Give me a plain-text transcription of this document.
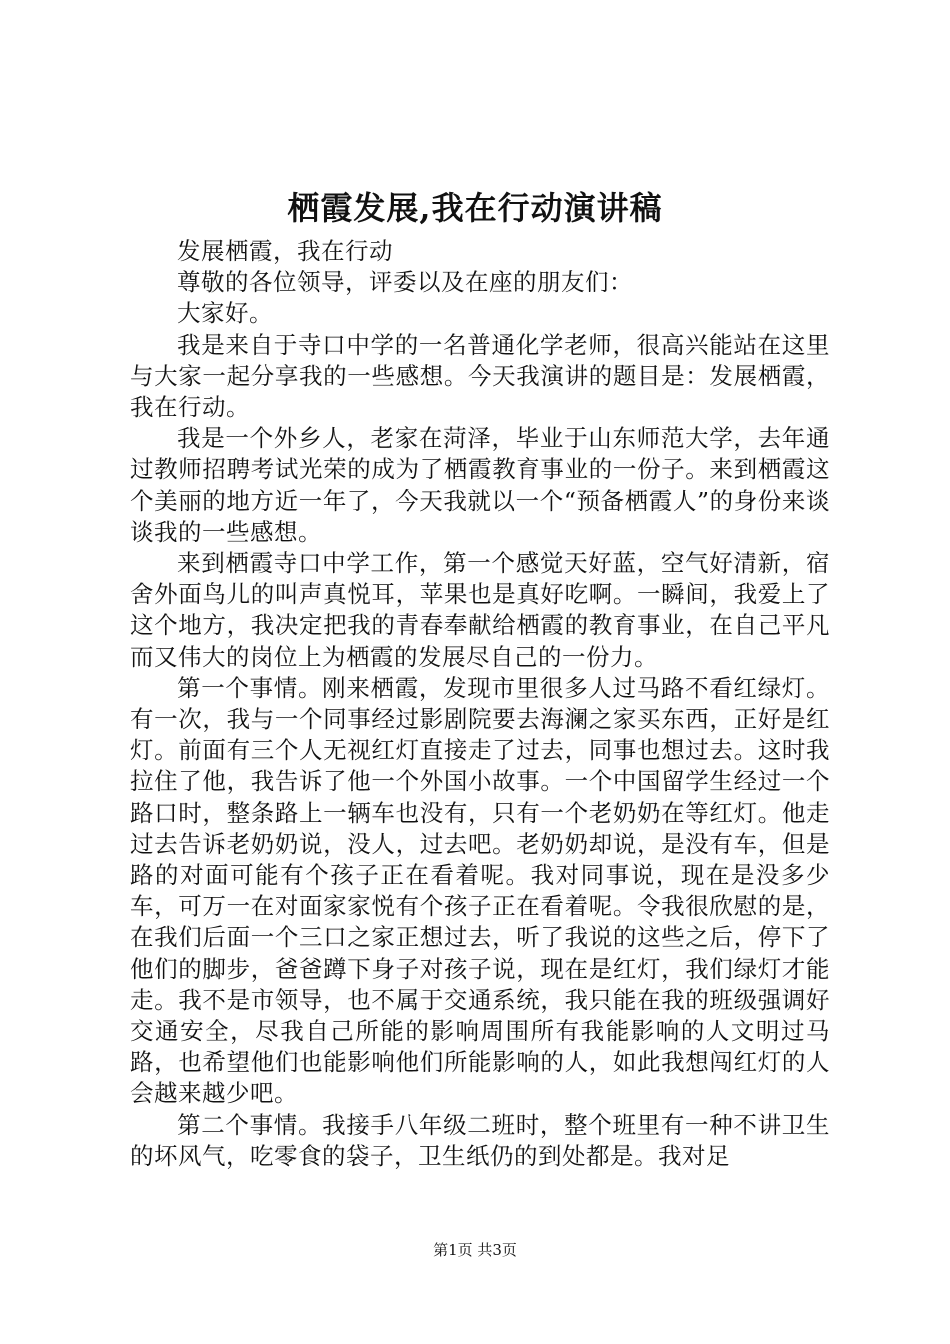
栖霞发展,我在行动演讲稿

发展栖霞，我在行动

尊敬的各位领导，评委以及在座的朋友们：

大家好。

我是来自于寺口中学的一名普通化学老师，很高兴能站在这里与大家一起分享我的一些感想。今天我演讲的题目是：发展栖霞，我在行动。

我是一个外乡人，老家在菏泽，毕业于山东师范大学，去年通过教师招聘考试光荣的成为了栖霞教育事业的一份子。来到栖霞这个美丽的地方近一年了，今天我就以一个“预备栖霞人”的身份来谈谈我的一些感想。

来到栖霞寺口中学工作，第一个感觉天好蓝，空气好清新，宿舍外面鸟儿的叫声真悦耳，苹果也是真好吃啊。一瞬间，我爱上了这个地方，我决定把我的青春奉献给栖霞的教育事业，在自己平凡而又伟大的岗位上为栖霞的发展尽自己的一份力。

第一个事情。刚来栖霞，发现市里很多人过马路不看红绿灯。有一次，我与一个同事经过影剧院要去海澜之家买东西，正好是红灯。前面有三个人无视红灯直接走了过去，同事也想过去。这时我拉住了他，我告诉了他一个外国小故事。一个中国留学生经过一个路口时，整条路上一辆车也没有，只有一个老奶奶在等红灯。他走过去告诉老奶奶说，没人，过去吧。老奶奶却说，是没有车，但是路的对面可能有个孩子正在看着呢。我对同事说，现在是没多少车，可万一在对面家家悦有个孩子正在看着呢。令我很欣慰的是，在我们后面一个三口之家正想过去，听了我说的这些之后，停下了他们的脚步，爸爸蹲下身子对孩子说，现在是红灯，我们绿灯才能走。我不是市领导，也不属于交通系统，我只能在我的班级强调好交通安全，尽我自己所能的影响周围所有我能影响的人文明过马路，也希望他们也能影响他们所能影响的人，如此我想闯红灯的人会越来越少吧。

第二个事情。我接手八年级二班时，整个班里有一种不讲卫生的坏风气，吃零食的袋子，卫生纸仍的到处都是。我对足

第1页 共3页
